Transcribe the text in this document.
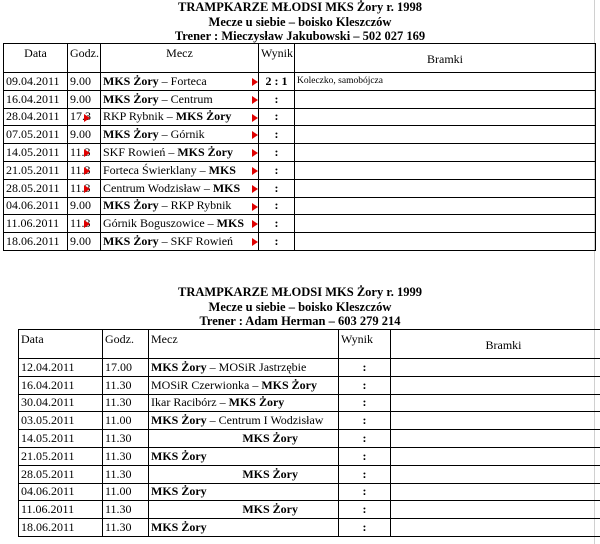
TRAMPKARZE MŁODSI MKS Żory r. 1998
Mecze u siebie – boisko Kleszczów
Trener : Mieczysław Jakubowski – 502 027 169
Data	Godz.	Mecz	Wynik	Bramki
09.04.2011	9.00	MKS Żory – Forteca	2 : 1	Koleczko, samobójcza
16.04.2011	9.00	MKS Żory – Centrum	:	
28.04.2011	17.3	RKP Rybnik – MKS Żory	:	
07.05.2011	9.00	MKS Żory – Górnik	:	
14.05.2011	11.3	SKF Rowień – MKS Żory	:	
21.05.2011	11.3	Forteca Świerklany – MKS	:	
28.05.2011	11.3	Centrum Wodzisław – MKS	:	
04.06.2011	9.00	MKS Żory – RKP Rybnik	:	
11.06.2011	11.3	Górnik Boguszowice – MKS	:	
18.06.2011	9.00	MKS Żory – SKF Rowień	:	
TRAMPKARZE MŁODSI MKS Żory r. 1999
Mecze u siebie – boisko Kleszczów
Trener : Adam Herman – 603 279 214
Data	Godz.	Mecz	Wynik	Bramki
12.04.2011	17.00	MKS Żory – MOSiR Jastrzębie	:	
16.04.2011	11.30	MOSiR Czerwionka – MKS Żory	:	
30.04.2011	11.30	Ikar Racibórz – MKS Żory	:	
03.05.2011	11.00	MKS Żory – Centrum I Wodzisław	:	
14.05.2011	11.30	MKS Żory	:	
21.05.2011	11.30	MKS Żory	:	
28.05.2011	11.30	MKS Żory	:	
04.06.2011	11.00	MKS Żory	:	
11.06.2011	11.30	MKS Żory	:	
18.06.2011	11.30	MKS Żory	:	
